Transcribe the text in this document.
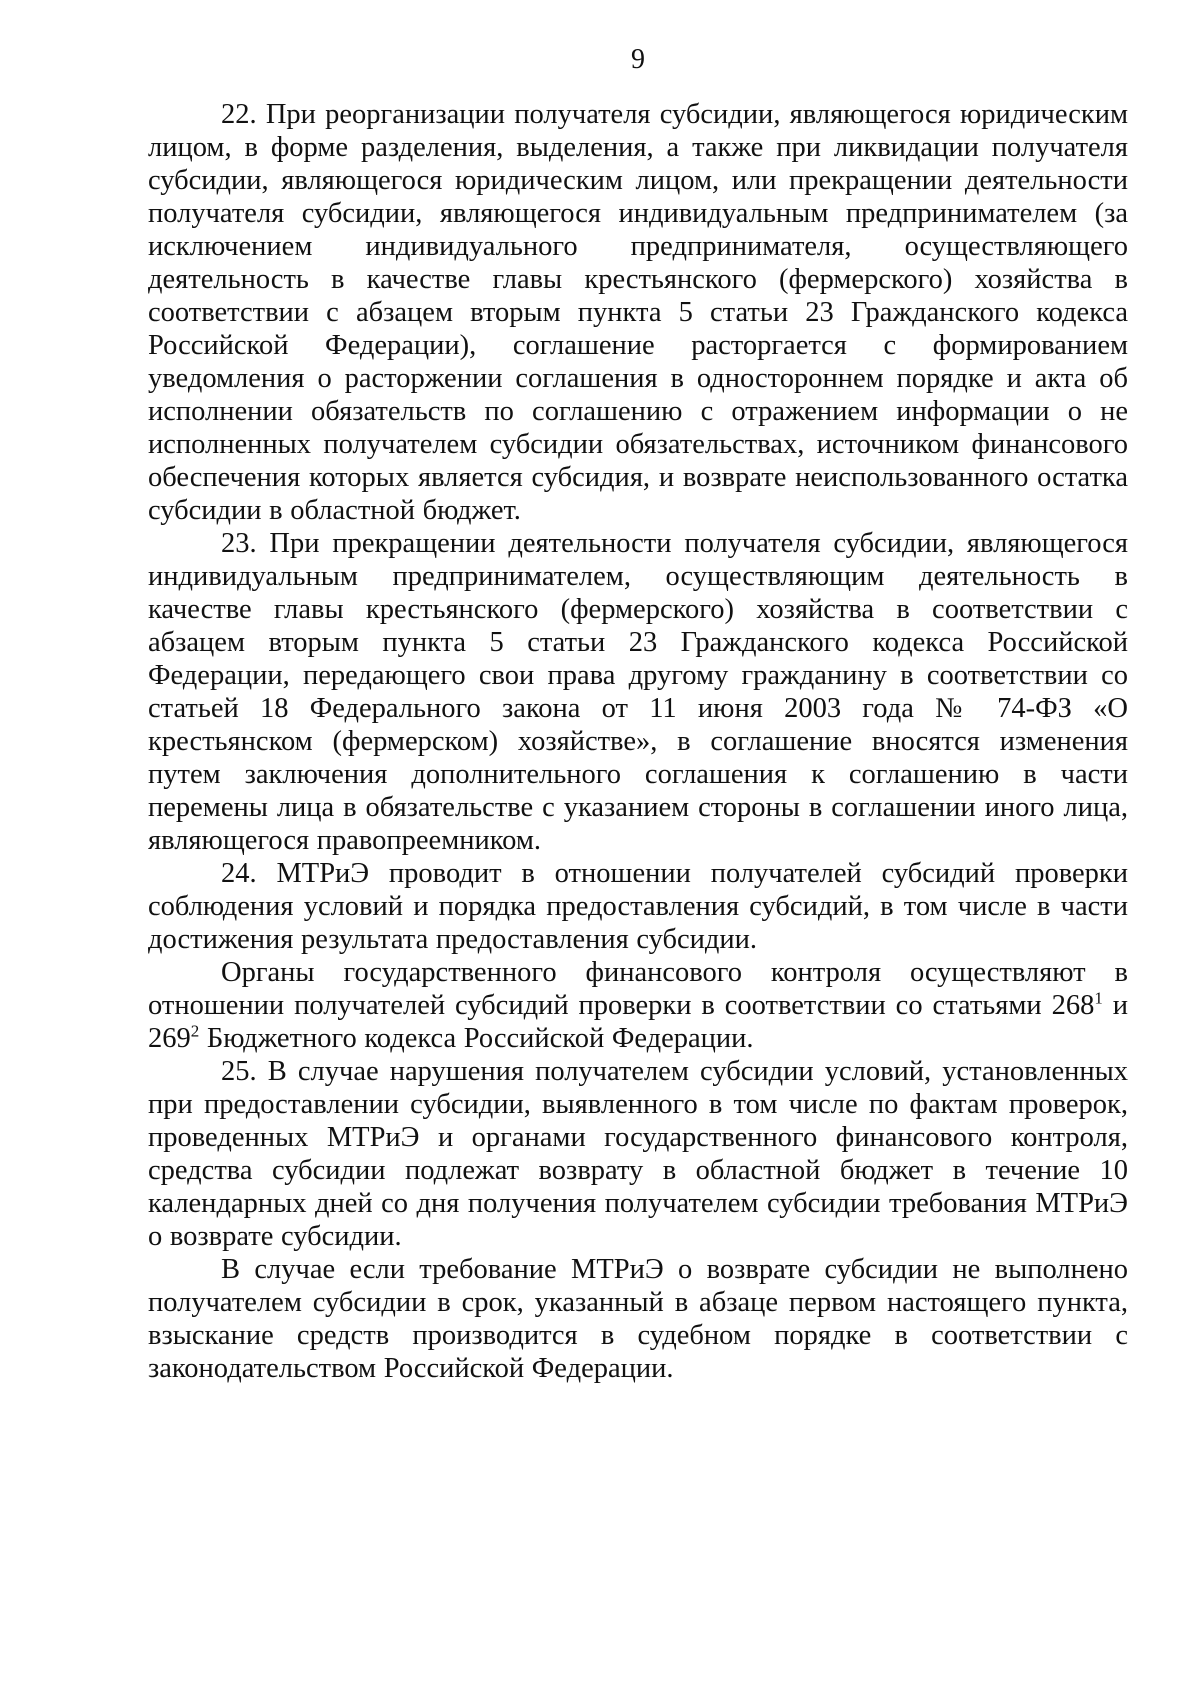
9

22. При реорганизации получателя субсидии, являющегося юридическим лицом, в форме разделения, выделения, а также при ликвидации получателя субсидии, являющегося юридическим лицом, или прекращении деятельности получателя субсидии, являющегося индивидуальным предпринимателем (за исключением индивидуального предпринимателя, осуществляющего деятельность в качестве главы крестьянского (фермерского) хозяйства в соответствии с абзацем вторым пункта 5 статьи 23 Гражданского кодекса Российской Федерации), соглашение расторгается с формированием уведомления о расторжении соглашения в одностороннем порядке и акта об исполнении обязательств по соглашению с отражением информации о не исполненных получателем субсидии обязательствах, источником финансового обеспечения которых является субсидия, и возврате неиспользованного остатка субсидии в областной бюджет.

23. При прекращении деятельности получателя субсидии, являющегося индивидуальным предпринимателем, осуществляющим деятельность в качестве главы крестьянского (фермерского) хозяйства в соответствии с абзацем вторым пункта 5 статьи 23 Гражданского кодекса Российской Федерации, передающего свои права другому гражданину в соответствии со статьей 18 Федерального закона от 11 июня 2003 года № 74-ФЗ «О крестьянском (фермерском) хозяйстве», в соглашение вносятся изменения путем заключения дополнительного соглашения к соглашению в части перемены лица в обязательстве с указанием стороны в соглашении иного лица, являющегося правопреемником.

24. МТРиЭ проводит в отношении получателей субсидий проверки соблюдения условий и порядка предоставления субсидий, в том числе в части достижения результата предоставления субсидии.

Органы государственного финансового контроля осуществляют в отношении получателей субсидий проверки в соответствии со статьями $268^1$ и $269^2$ Бюджетного кодекса Российской Федерации.

25. В случае нарушения получателем субсидии условий, установленных при предоставлении субсидии, выявленного в том числе по фактам проверок, проведенных МТРиЭ и органами государственного финансового контроля, средства субсидии подлежат возврату в областной бюджет в течение 10 календарных дней со дня получения получателем субсидии требования МТРиЭ о возврате субсидии.

В случае если требование МТРиЭ о возврате субсидии не выполнено получателем субсидии в срок, указанный в абзаце первом настоящего пункта, взыскание средств производится в судебном порядке в соответствии с законодательством Российской Федерации.
